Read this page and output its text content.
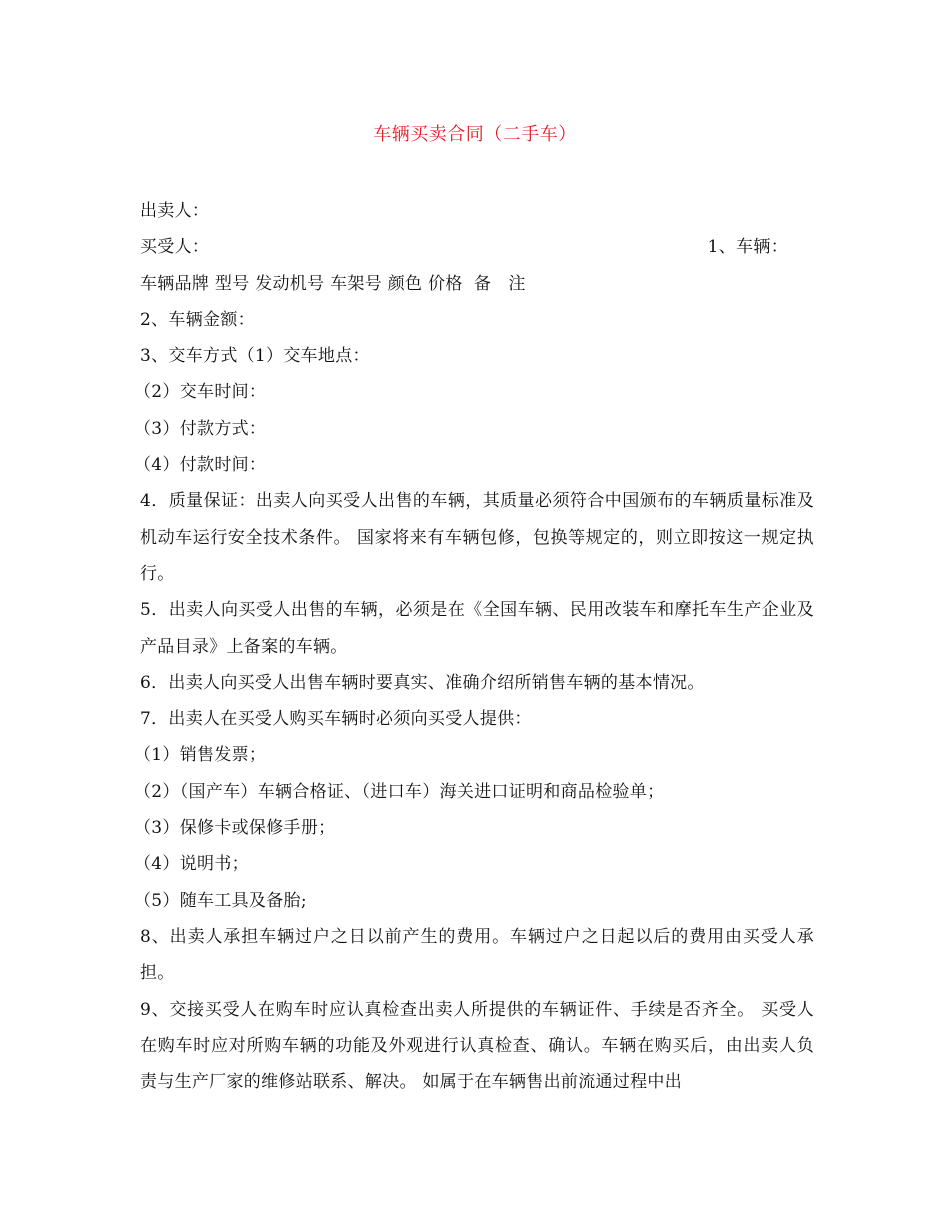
车辆买卖合同（二手车）
出卖人：
买受人：	1、车辆：
车辆品牌 型号 发动机号 车架号 颜色 价格  备   注
2、车辆金额：
3、交车方式（1）交车地点：
（2）交车时间：
（3）付款方式：
（4）付款时间：
4．质量保证：出卖人向买受人出售的车辆，其质量必须符合中国颁布的车辆质量标准及机动车运行安全技术条件。 国家将来有车辆包修，包换等规定的，则立即按这一规定执行。
5．出卖人向买受人出售的车辆，必须是在《全国车辆、民用改装车和摩托车生产企业及产品目录》上备案的车辆。
6．出卖人向买受人出售车辆时要真实、准确介绍所销售车辆的基本情况。
7．出卖人在买受人购买车辆时必须向买受人提供：
（1）销售发票；
（2）（国产车）车辆合格证、（进口车）海关进口证明和商品检验单；
（3）保修卡或保修手册；
（4）说明书；
（5）随车工具及备胎;
8、出卖人承担车辆过户之日以前产生的费用。车辆过户之日起以后的费用由买受人承担。
9、交接买受人在购车时应认真检查出卖人所提供的车辆证件、手续是否齐全。 买受人在购车时应对所购车辆的功能及外观进行认真检查、确认。车辆在购买后，由出卖人负责与生产厂家的维修站联系、解决。 如属于在车辆售出前流通过程中出
